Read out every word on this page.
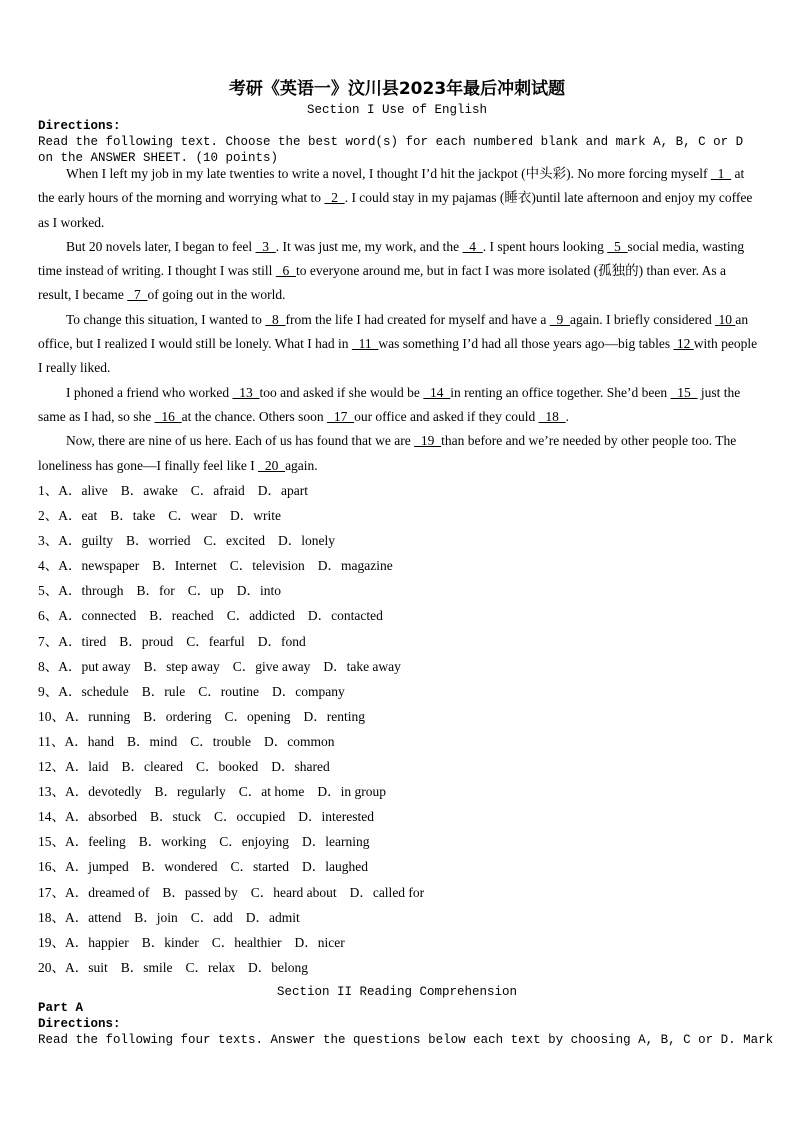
考研《英语一》汶川县2023年最后冲刺试题
Section I Use of English
Directions:
Read the following text. Choose the best word(s) for each numbered blank and mark A, B, C or D on the ANSWER SHEET. (10 points)

When I left my job in my late twenties to write a novel, I thought I’d hit the jackpot (中头彩). No more forcing myself   1   at the early hours of the morning and worrying what to   2  . I could stay in my pajamas (睡衣)until late afternoon and enjoy my coffee as I worked.

But 20 novels later, I began to feel   3  . It was just me, my work, and the   4  . I spent hours looking   5  social media, wasting time instead of writing. I thought I was still   6  to everyone around me, but in fact I was more isolated (孤独的) than ever. As a result, I became   7  of going out in the world.

To change this situation, I wanted to   8  from the life I had created for myself and have a   9  again. I briefly considered  10 an office, but I realized I would still be lonely. What I had in   11  was something I’d had all those years ago—big tables  12 with people I really liked.

I phoned a friend who worked   13  too and asked if she would be   14  in renting an office together. She’d been   15   just the same as I had, so she   16  at the chance. Others soon   17  our office and asked if they could   18  .

Now, there are nine of us here. Each of us has found that we are   19  than before and we’re needed by other people too. The loneliness has gone—I finally feel like I   20  again.

1、A．alive B．awake C．afraid D．apart
2、A．eat B．take C．wear D．write
3、A．guilty B．worried C．excited D．lonely
4、A．newspaper B．Internet C．television D．magazine
5、A．through B．for C．up D．into
6、A．connected B．reached C．addicted D．contacted
7、A．tired B．proud C．fearful D．fond
8、A．put away B．step away C．give away D．take away
9、A．schedule B．rule C．routine D．company
10、A．running B．ordering C．opening D．renting
11、A．hand B．mind C．trouble D．common
12、A．laid B．cleared C．booked D．shared
13、A．devotedly B．regularly C．at home D．in group
14、A．absorbed B．stuck C．occupied D．interested
15、A．feeling B．working C．enjoying D．learning
16、A．jumped B．wondered C．started D．laughed
17、A．dreamed of B．passed by C．heard about D．called for
18、A．attend B．join C．add D．admit
19、A．happier B．kinder C．healthier D．nicer
20、A．suit B．smile C．relax D．belong
Section II Reading Comprehension
Part A
Directions:
Read the following four texts. Answer the questions below each text by choosing A, B, C or D. Mark
